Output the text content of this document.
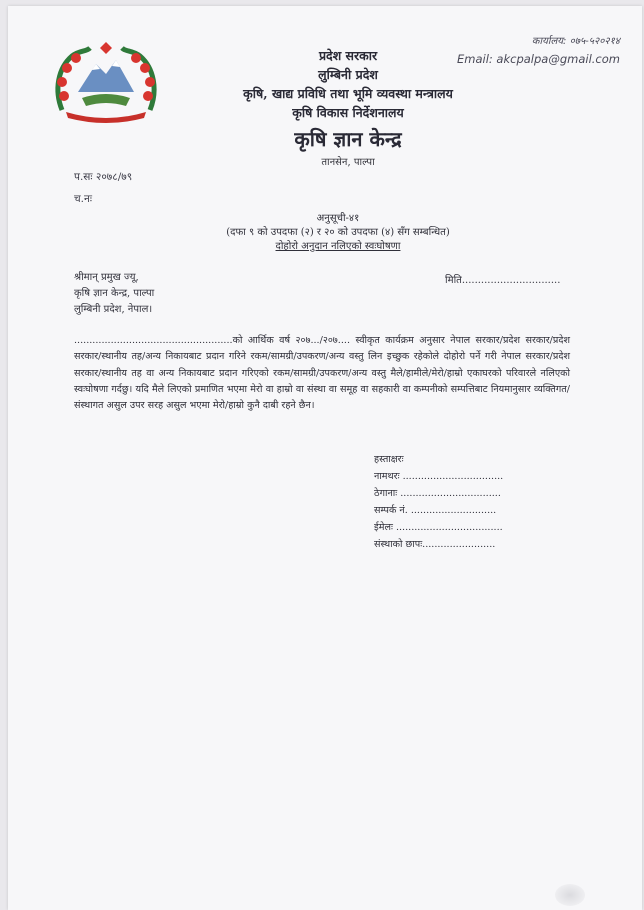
प्रदेश सरकार
लुम्बिनी प्रदेश
कृषि, खाद्य प्रविधि तथा भूमि व्यवस्था मन्त्रालय
कृषि विकास निर्देशनालय
कृषि ज्ञान केन्द्र
तानसेन, पाल्पा
कार्यालय: ०७५-५२०२१४
Email: akcpalpa@gmail.com
प.सः २०७८/७९
च.नः
अनुसूची-४१
(दफा ९ को उपदफा (२) र २० को उपदफा (४) सँग सम्बन्धित)
दोहोरो अनुदान नलिएको स्वःघोषणा
श्रीमान् प्रमुख ज्यू,
कृषि ज्ञान केन्द्र, पाल्पा
लुम्बिनी प्रदेश, नेपाल।
मिति...............................
....................................................को आर्थिक वर्ष २०७.../२०७.... स्वीकृत कार्यक्रम अनुसार नेपाल सरकार/प्रदेश सरकार/प्रदेश सरकार/स्थानीय तह/अन्य निकायबाट प्रदान गरिने रकम/सामग्री/उपकरण/अन्य वस्तु लिन इच्छुक रहेकोले दोहोरो पर्ने गरी नेपाल सरकार/प्रदेश सरकार/स्थानीय तह वा अन्य निकायबाट प्रदान गरिएको रकम/सामग्री/उपकरण/अन्य वस्तु मैले/हामीले/मेरो/हाम्रो एकाघरको परिवारले नलिएको स्वःघोषणा गर्दछु। यदि मैले लिएको प्रमाणित भएमा मेरो वा हाम्रो वा संस्था वा समूह वा सहकारी वा कम्पनीको सम्पत्तिबाट नियमानुसार व्यक्तिगत/संस्थागत असुल उपर सरह असुल भएमा मेरो/हाम्रो कुनै दाबी रहने छैन।
हस्ताक्षरः
नामथरः .................................
ठेगानाः .................................
सम्पर्क नं. ............................
ईमेलः ...................................
संस्थाको छापः........................
